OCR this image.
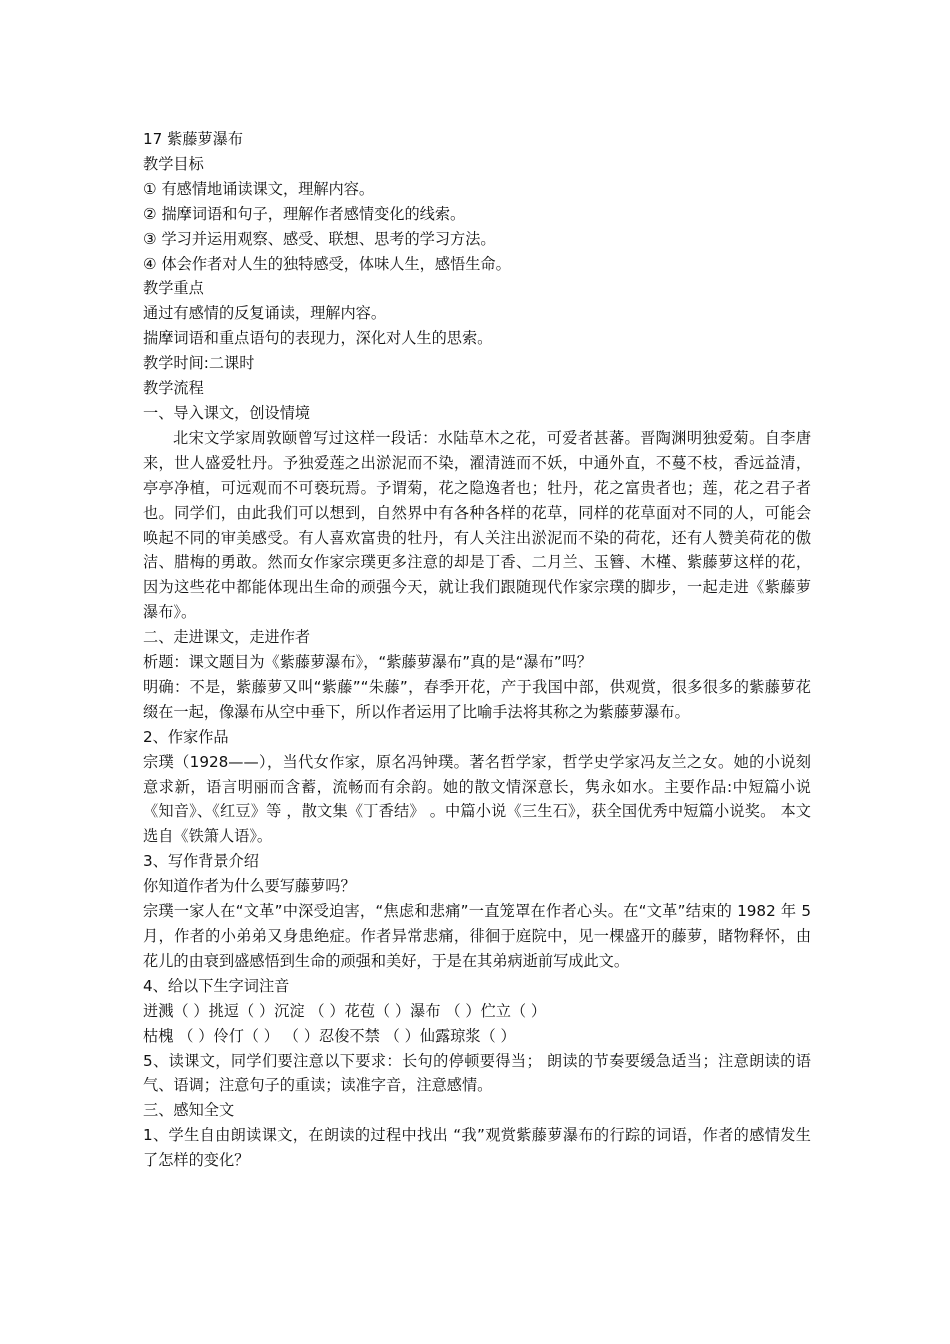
17 紫藤萝瀑布
教学目标
① 有感情地诵读课文，理解内容。
② 揣摩词语和句子，理解作者感情变化的线索。
③ 学习并运用观察、感受、联想、思考的学习方法。
④ 体会作者对人生的独特感受，体味人生，感悟生命。
教学重点
通过有感情的反复诵读，理解内容。
揣摩词语和重点语句的表现力，深化对人生的思索。
教学时间:二课时
教学流程
一、导入课文，创设情境
北宋文学家周敦颐曾写过这样一段话：水陆草木之花，可爱者甚蕃。晋陶渊明独爱菊。自李唐来，世人盛爱牡丹。予独爱莲之出淤泥而不染，濯清涟而不妖，中通外直，不蔓不枝，香远益清，亭亭净植，可远观而不可亵玩焉。予谓菊，花之隐逸者也；牡丹，花之富贵者也；莲，花之君子者也。同学们，由此我们可以想到，自然界中有各种各样的花草，同样的花草面对不同的人，可能会唤起不同的审美感受。有人喜欢富贵的牡丹，有人关注出淤泥而不染的荷花，还有人赞美荷花的傲洁、腊梅的勇敢。然而女作家宗璞更多注意的却是丁香、二月兰、玉簪、木槿、紫藤萝这样的花，因为这些花中都能体现出生命的顽强今天，就让我们跟随现代作家宗璞的脚步，一起走进《紫藤萝瀑布》。
二、走进课文，走进作者
析题：课文题目为《紫藤萝瀑布》，“紫藤萝瀑布”真的是“瀑布”吗？
明确：不是，紫藤萝又叫“紫藤”“朱藤”，春季开花，产于我国中部，供观赏，很多很多的紫藤萝花缀在一起，像瀑布从空中垂下，所以作者运用了比喻手法将其称之为紫藤萝瀑布。
2、作家作品
宗璞（1928——），当代女作家，原名冯钟璞。著名哲学家，哲学史学家冯友兰之女。她的小说刻意求新，语言明丽而含蓄，流畅而有余韵。她的散文情深意长，隽永如水。主要作品:中短篇小说《知音》、《红豆》等 ，散文集《丁香结》 。中篇小说《三生石》，获全国优秀中短篇小说奖。 本文选自《铁箫人语》。
3、写作背景介绍
你知道作者为什么要写藤萝吗？
宗璞一家人在“文革”中深受迫害，“焦虑和悲痛”一直笼罩在作者心头。在“文革”结束的 1982 年 5 月，作者的小弟弟又身患绝症。作者异常悲痛，徘徊于庭院中，见一棵盛开的藤萝，睹物释怀，由花儿的由衰到盛感悟到生命的顽强和美好，于是在其弟病逝前写成此文。
4、给以下生字词注音
迸溅（ ）挑逗（ ）沉淀 （ ）花苞（ ）瀑布 （ ）伫立（ ）
枯槐 （ ）伶仃（ ） （ ）忍俊不禁 （ ）仙露琼浆（ ）
5、读课文，同学们要注意以下要求：长句的停顿要得当； 朗读的节奏要缓急适当；注意朗读的语气、语调；注意句子的重读；读准字音，注意感情。
三、感知全文
1、学生自由朗读课文，在朗读的过程中找出 “我”观赏紫藤萝瀑布的行踪的词语，作者的感情发生了怎样的变化？
